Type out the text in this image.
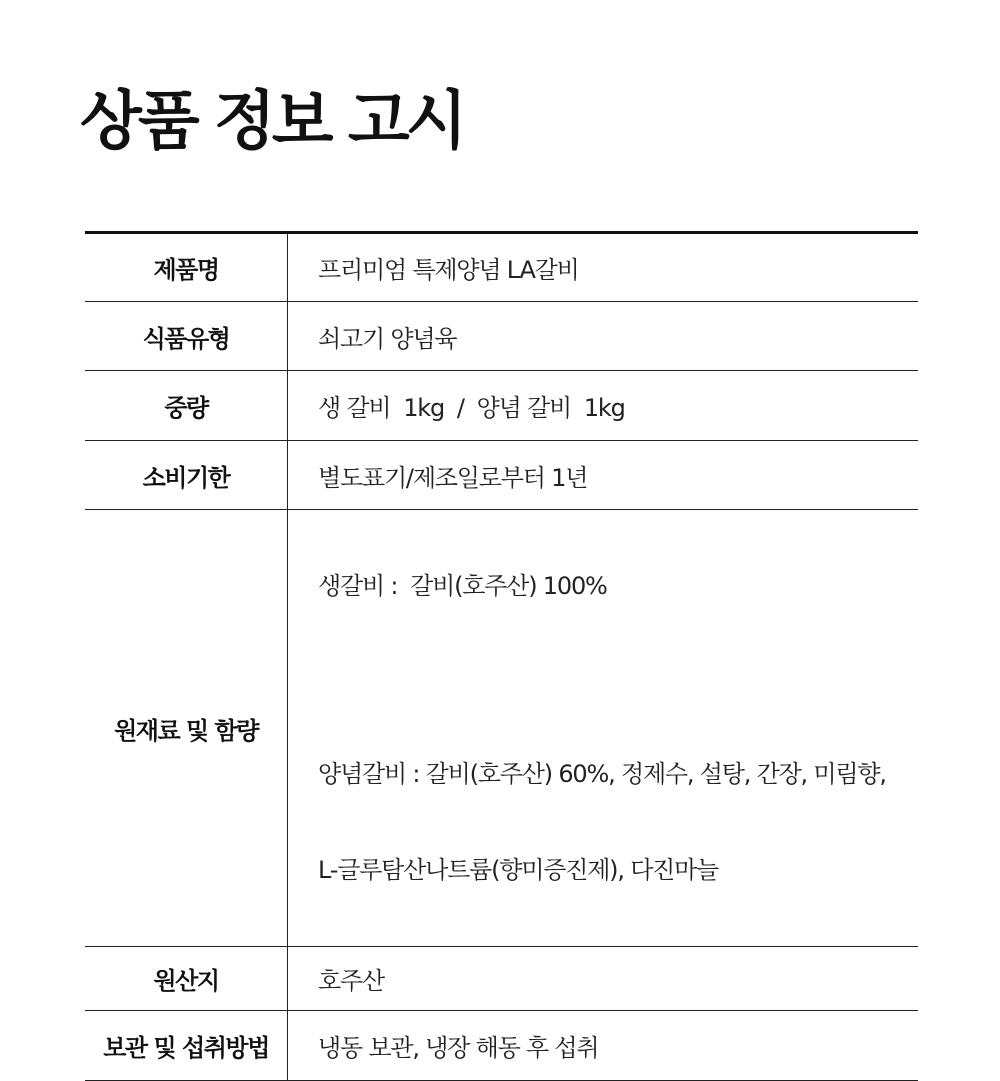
상품 정보 고시
제품명	프리미엄 특제양념 LA갈비
식품유형	쇠고기 양념육
중량	생 갈비  1kg  /  양념 갈비  1kg
소비기한	별도표기/제조일로부터 1년
원재료 및 함량	생갈비 :  갈비(호주산) 100%

양념갈비 : 갈비(호주산) 60%, 정제수, 설탕, 간장, 미림향,

L-글루탐산나트륨(향미증진제), 다진마늘

원산지	호주산
보관 및 섭취방법	냉동 보관, 냉장 해동 후 섭취
